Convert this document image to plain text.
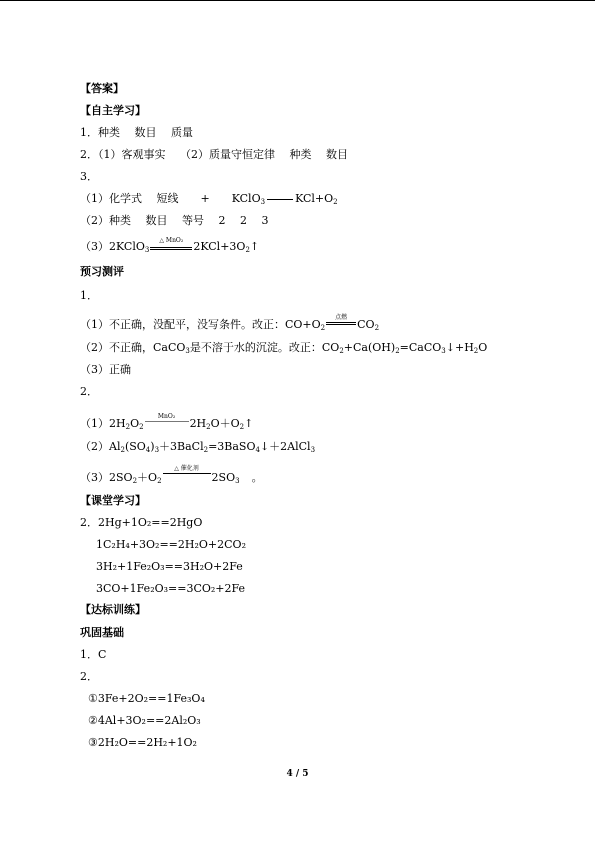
【答案】
【自主学习】
1．种类　 数目　 质量
2．（1）客观事实　 （2）质量守恒定律　 种类　 数目
3．
（1）化学式　 短线　　+　　KClO$_3$	$KCl+O_2$
（2）种类　 数目　 等号　 2　 2　 3
（3）2KClO$_3$
△ MnO₂ $2KCl+3O_2↑$
预习测评
1．
（1）不正确，没配平，没写条件。改正：$CO+O_2$
点燃
$CO_2$
（2）不正确，CaCO$_3$是不溶于水的沉淀。改正：$CO_2+Ca(OH)_2=CaCO_3↓+H_2O$
（3）正确
2．
$(1)2H_2O_2$
MnO₂
$2H_2O+O_2↑$
$(2)Al_2(SO_4)_3+3BaCl_2=3BaSO_4↓+2AlCl_3$
$(3)2SO_2+O_2$
△ 催化剂
$2SO_3$ 。
【课堂学习】
2．2Hg+1O₂==2HgO
1C₂H₄+3O₂==2H₂O+2CO₂
3H₂+1Fe₂O₃==3H₂O+2Fe
3CO+1Fe₂O₃==3CO₂+2Fe
【达标训练】
巩固基础
1．C
2．
①3Fe+2O₂==1Fe₃O₄
②4Al+3O₂==2Al₂O₃
③2H₂O==2H₂+1O₂
4 / 5
